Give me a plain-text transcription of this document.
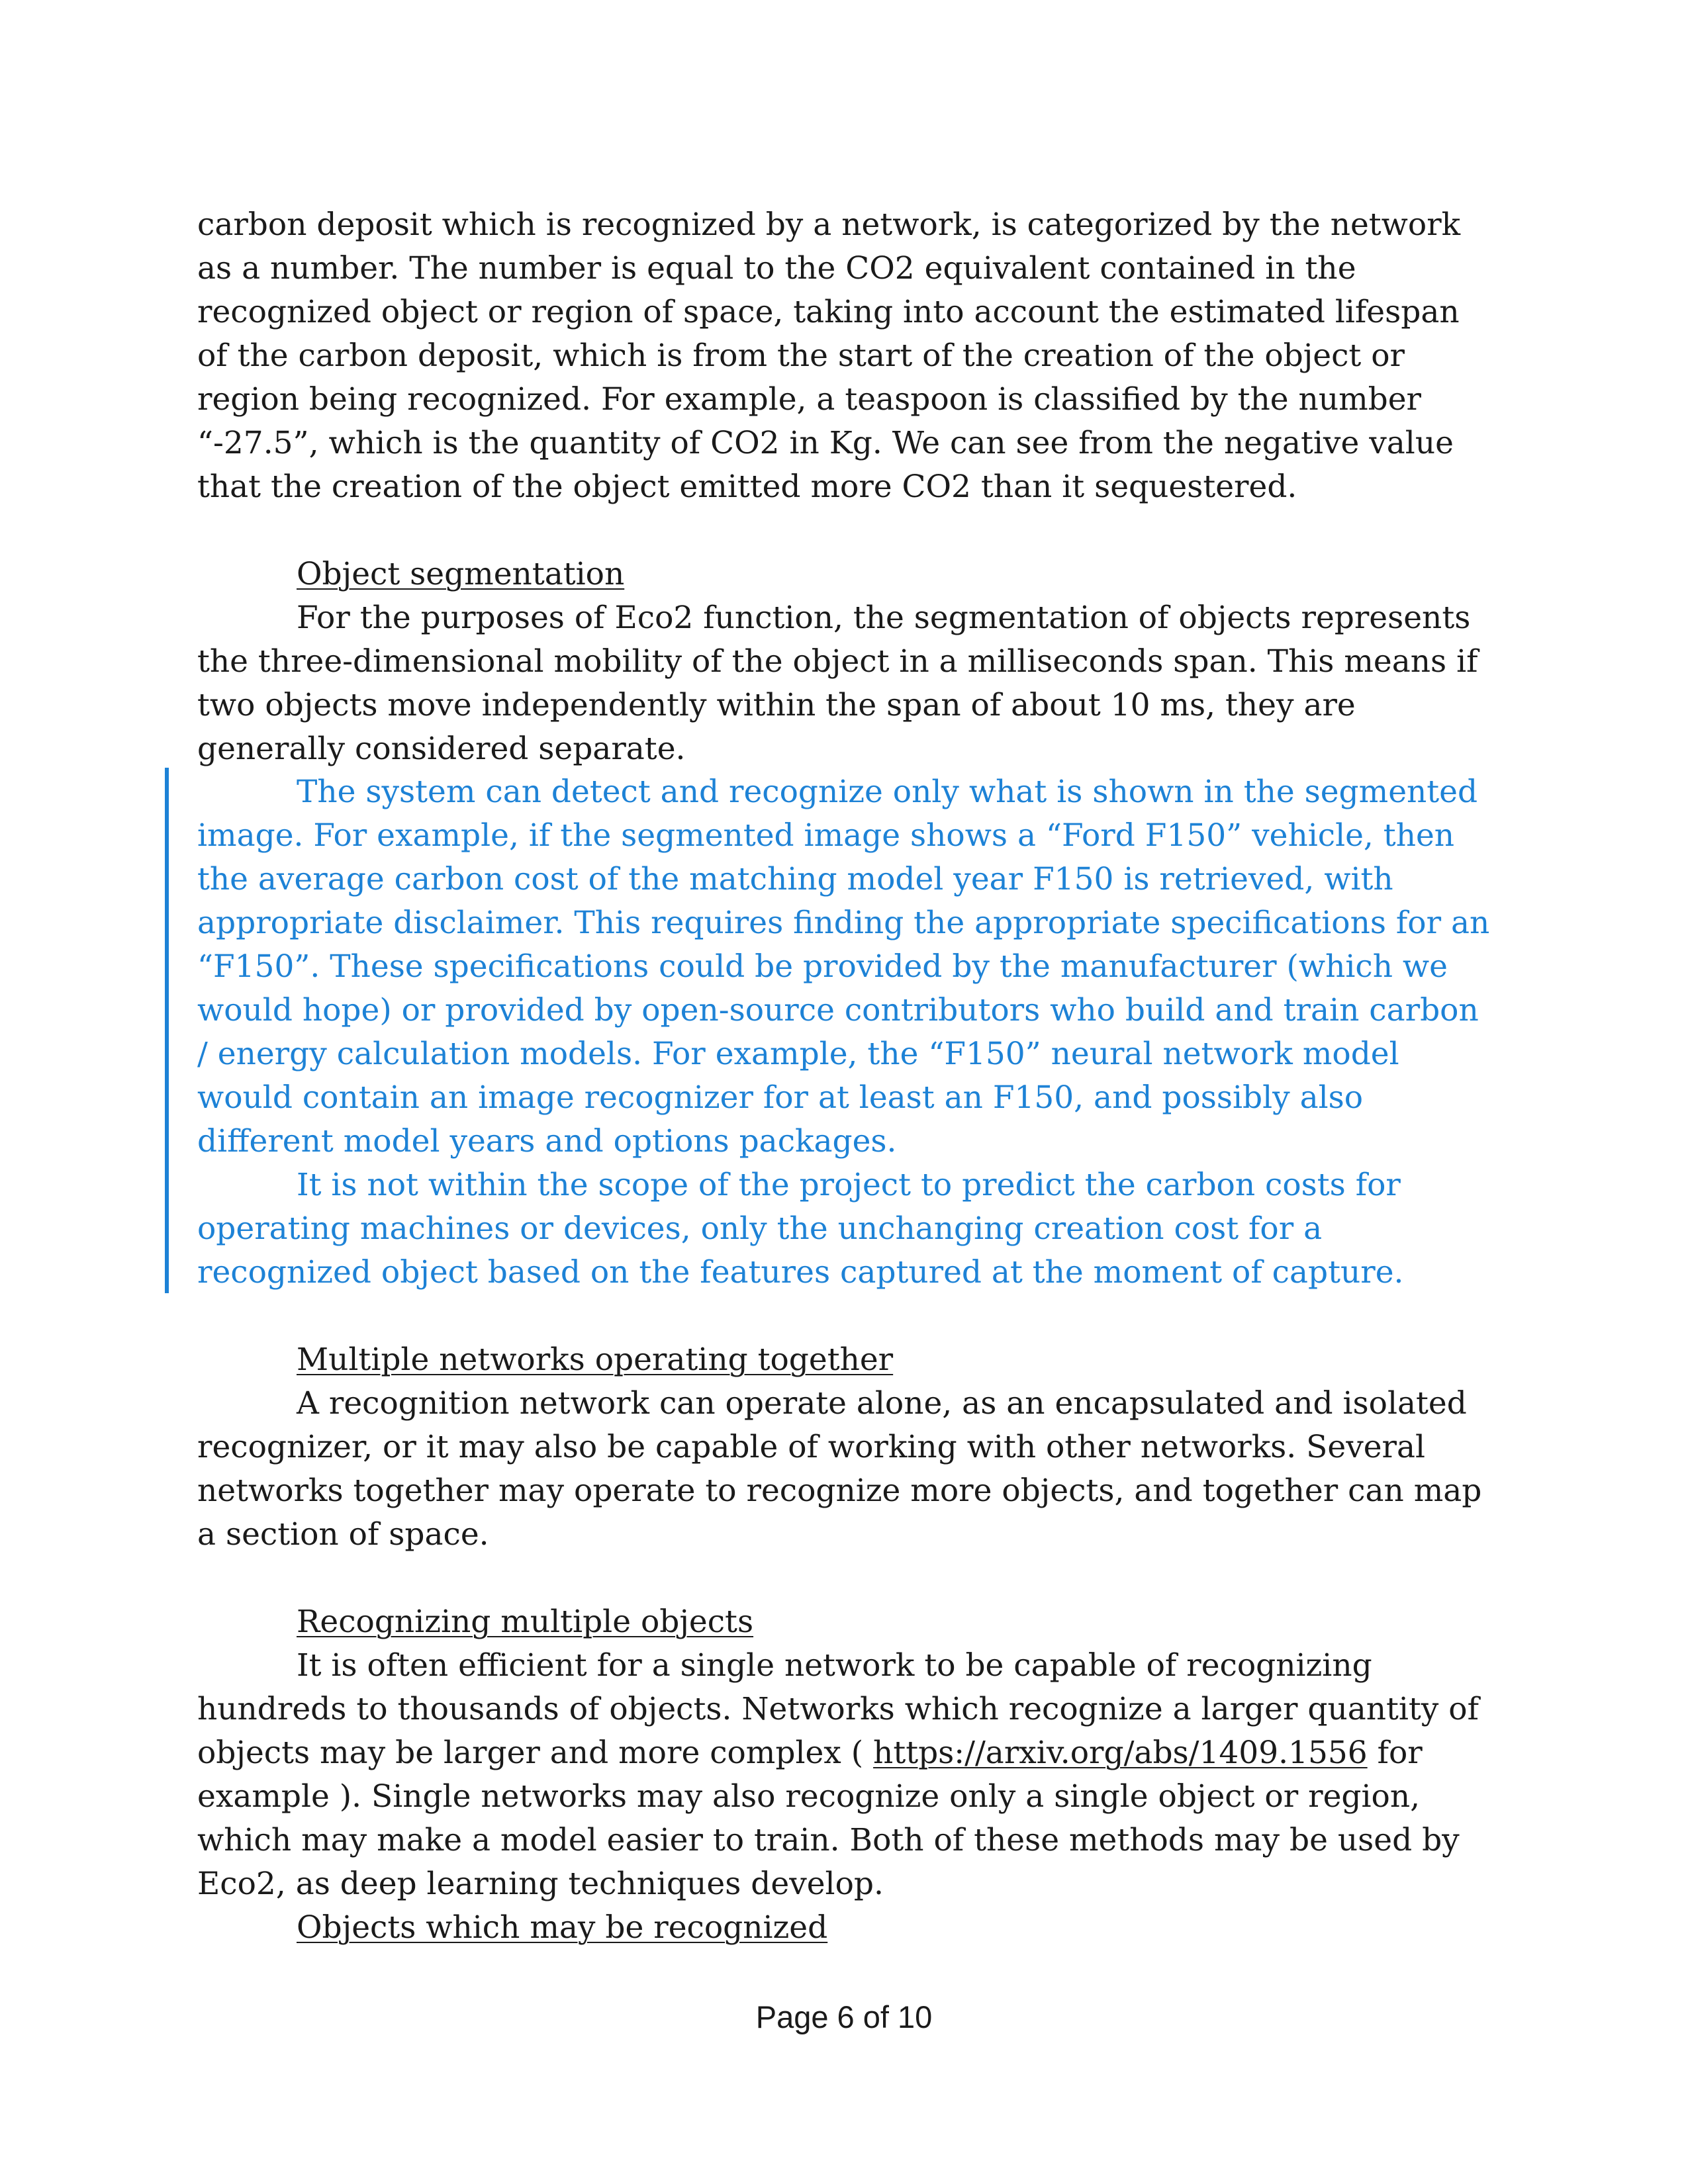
carbon deposit which is recognized by a network, is categorized by the network as a number. The number is equal to the CO2 equivalent contained in the recognized object or region of space, taking into account the estimated lifespan of the carbon deposit, which is from the start of the creation of the object or region being recognized. For example, a teaspoon is classified by the number “-27.5”, which is the quantity of CO2 in Kg. We can see from the negative value that the creation of the object emitted more CO2 than it sequestered.

Object segmentation

For the purposes of Eco2 function, the segmentation of objects represents the three-dimensional mobility of the object in a milliseconds span. This means if two objects move independently within the span of about 10 ms, they are generally considered separate.

The system can detect and recognize only what is shown in the segmented image. For example, if the segmented image shows a “Ford F150” vehicle, then the average carbon cost of the matching model year F150 is retrieved, with appropriate disclaimer. This requires finding the appropriate specifications for an “F150”. These specifications could be provided by the manufacturer (which we would hope) or provided by open-source contributors who build and train carbon / energy calculation models. For example, the “F150” neural network model would contain an image recognizer for at least an F150, and possibly also different model years and options packages.

It is not within the scope of the project to predict the carbon costs for operating machines or devices, only the unchanging creation cost for a recognized object based on the features captured at the moment of capture.

Multiple networks operating together

A recognition network can operate alone, as an encapsulated and isolated recognizer, or it may also be capable of working with other networks. Several networks together may operate to recognize more objects, and together can map a section of space.

Recognizing multiple objects

It is often efficient for a single network to be capable of recognizing hundreds to thousands of objects. Networks which recognize a larger quantity of objects may be larger and more complex ( https://arxiv.org/abs/1409.1556 for example ). Single networks may also recognize only a single object or region, which may make a model easier to train. Both of these methods may be used by Eco2, as deep learning techniques develop.

Objects which may be recognized

Page 6 of 10
